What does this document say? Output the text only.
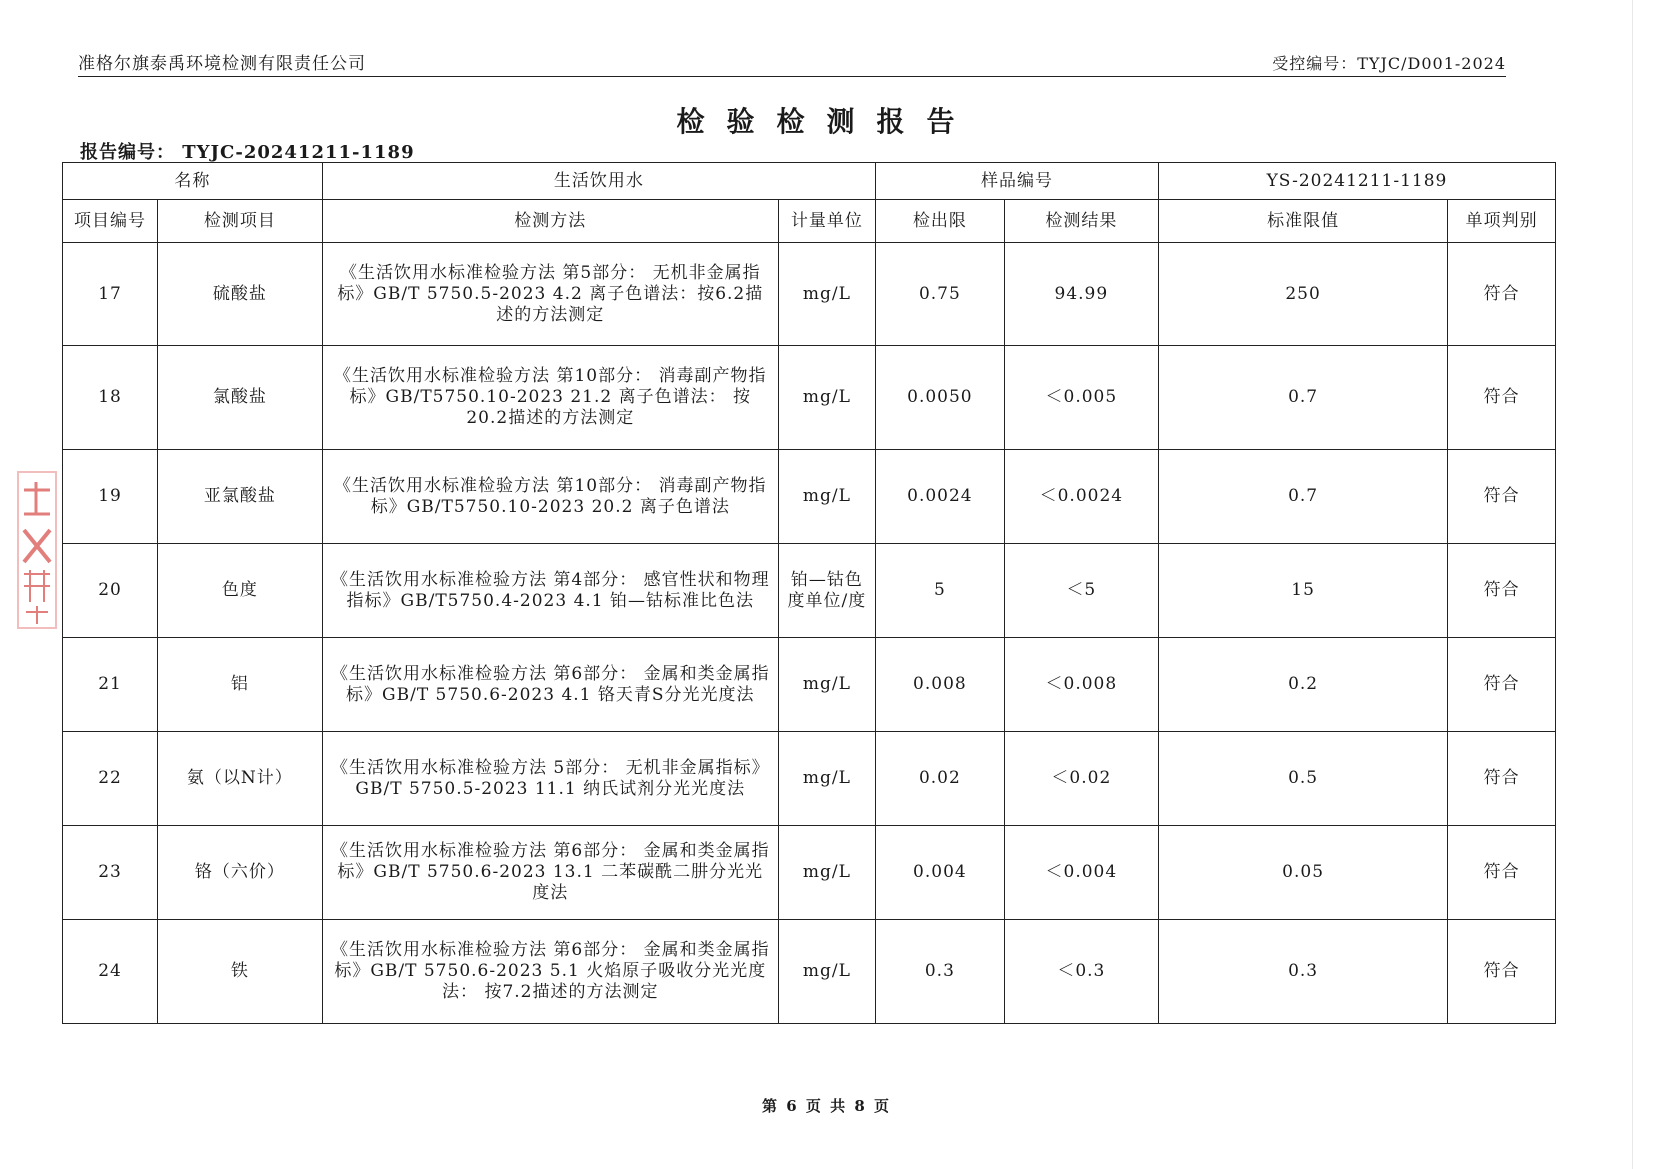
准格尔旗泰禹环境检测有限责任公司	受控编号：TYJC/D001-2024
检验检测报告
报告编号： TYJC-20241211-1189
名称		生活饮用水		样品编号		YS-20241211-1189	
项目编号	检测项目	检测方法	计量单位	检出限	检测结果	标准限值	单项判别
17	硫酸盐	《生活饮用水标准检验方法 第5部分： 无机非金属指标》GB/T 5750.5-2023 4.2 离子色谱法：按6.2描述的方法测定	mg/L	0.75	94.99	250	符合
18	氯酸盐	《生活饮用水标准检验方法 第10部分： 消毒副产物指标》GB/T5750.10-2023 21.2 离子色谱法： 按20.2描述的方法测定	mg/L	0.0050	＜0.005	0.7	符合
19	亚氯酸盐	《生活饮用水标准检验方法 第10部分： 消毒副产物指标》GB/T5750.10-2023 20.2 离子色谱法	mg/L	0.0024	＜0.0024	0.7	符合
20	色度	《生活饮用水标准检验方法 第4部分： 感官性状和物理指标》GB/T5750.4-2023 4.1 铂—钴标准比色法	铂—钴色度单位/度	5	＜5	15	符合
21	铝	《生活饮用水标准检验方法 第6部分： 金属和类金属指标》GB/T 5750.6-2023 4.1 铬天青S分光光度法	mg/L	0.008	＜0.008	0.2	符合
22	氨（以N计）	《生活饮用水标准检验方法 5部分： 无机非金属指标》GB/T 5750.5-2023 11.1 纳氏试剂分光光度法	mg/L	0.02	＜0.02	0.5	符合
23	铬（六价）	《生活饮用水标准检验方法 第6部分： 金属和类金属指标》GB/T 5750.6-2023 13.1 二苯碳酰二肼分光光度法	mg/L	0.004	＜0.004	0.05	符合
24	铁	《生活饮用水标准检验方法 第6部分： 金属和类金属指标》GB/T 5750.6-2023 5.1 火焰原子吸收分光光度法： 按7.2描述的方法测定	mg/L	0.3	＜0.3	0.3	符合
第 6 页 共 8 页
